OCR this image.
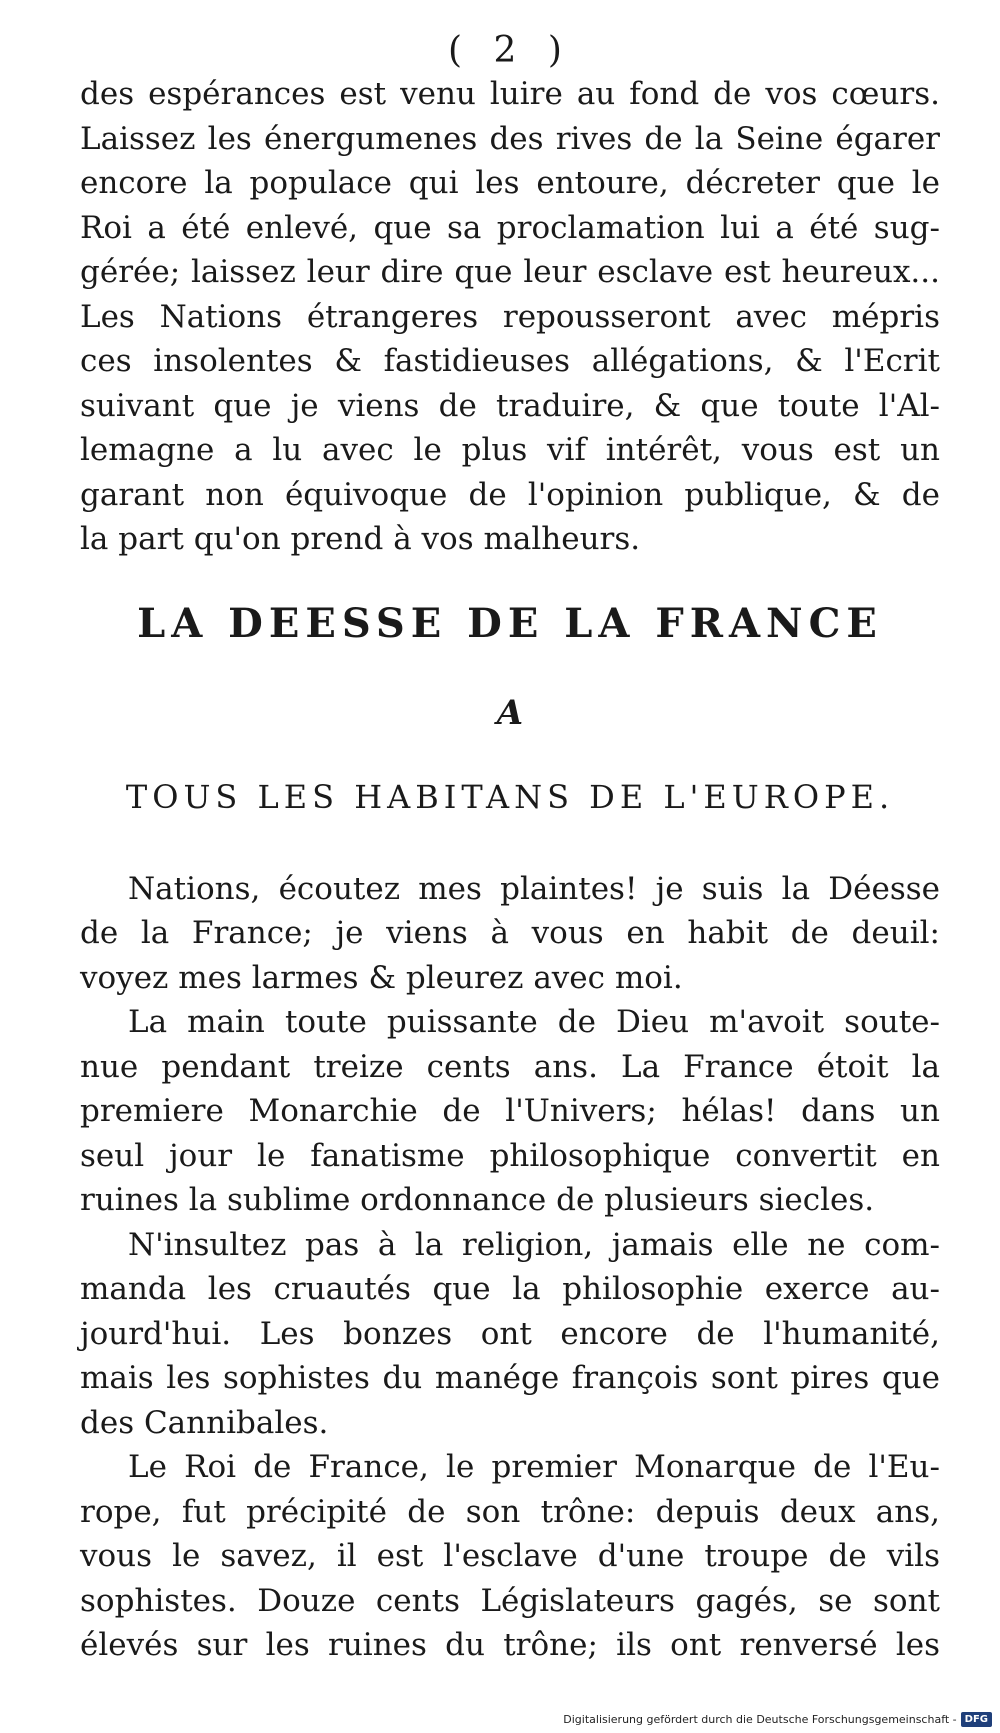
( 2 )
des espérances est venu luire au fond de vos cœurs.
Laissez les énergumenes des rives de la Seine égarer
encore la populace qui les entoure, décreter que le
Roi a été enlevé, que sa proclamation lui a été sug-
gérée; laissez leur dire que leur esclave est heureux...
Les Nations étrangeres repousseront avec mépris
ces insolentes & fastidieuses allégations, & l'Ecrit
suivant que je viens de traduire, & que toute l'Al-
lemagne a lu avec le plus vif intérêt, vous est un
garant non équivoque de l'opinion publique, & de
la part qu'on prend à vos malheurs.
LA DEESSE DE LA FRANCE
A
TOUS LES HABITANS DE L'EUROPE.
Nations, écoutez mes plaintes! je suis la Déesse
de la France; je viens à vous en habit de deuil:
voyez mes larmes & pleurez avec moi.
La main toute puissante de Dieu m'avoit soute-
nue pendant treize cents ans. La France étoit la
premiere Monarchie de l'Univers; hélas! dans un
seul jour le fanatisme philosophique convertit en
ruines la sublime ordonnance de plusieurs siecles.
N'insultez pas à la religion, jamais elle ne com-
manda les cruautés que la philosophie exerce au-
jourd'hui. Les bonzes ont encore de l'humanité,
mais les sophistes du manége françois sont pires que
des Cannibales.
Le Roi de France, le premier Monarque de l'Eu-
rope, fut précipité de son trône: depuis deux ans,
vous le savez, il est l'esclave d'une troupe de vils
sophistes. Douze cents Législateurs gagés, se sont
élevés sur les ruines du trône; ils ont renversé les
Digitalisierung gefördert durch die Deutsche Forschungsgemeinschaft - DFG
